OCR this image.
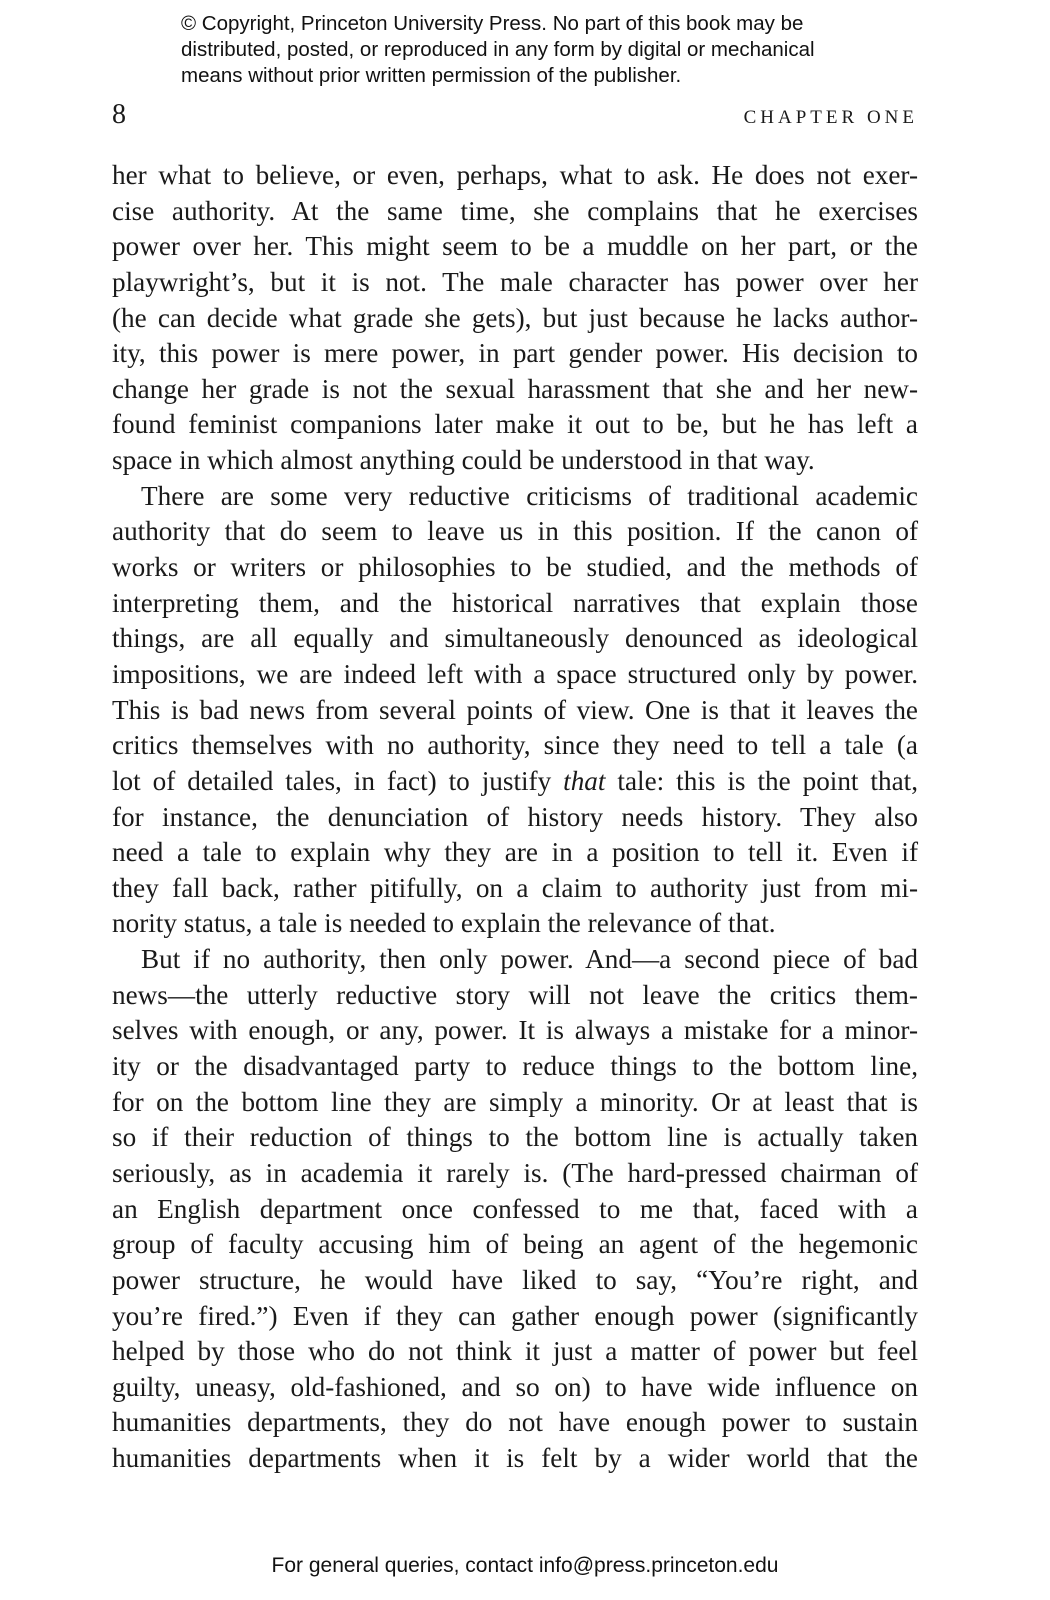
© Copyright, Princeton University Press. No part of this book may be
distributed, posted, or reproduced in any form by digital or mechanical
means without prior written permission of the publisher.
8	CHAPTER ONE
her what to believe, or even, perhaps, what to ask. He does not exer-
cise authority. At the same time, she complains that he exercises
power over her. This might seem to be a muddle on her part, or the
playwright’s, but it is not. The male character has power over her
(he can decide what grade she gets), but just because he lacks author-
ity, this power is mere power, in part gender power. His decision to
change her grade is not the sexual harassment that she and her new-
found feminist companions later make it out to be, but he has left a
space in which almost anything could be understood in that way.
There are some very reductive criticisms of traditional academic
authority that do seem to leave us in this position. If the canon of
works or writers or philosophies to be studied, and the methods of
interpreting them, and the historical narratives that explain those
things, are all equally and simultaneously denounced as ideological
impositions, we are indeed left with a space structured only by power.
This is bad news from several points of view. One is that it leaves the
critics themselves with no authority, since they need to tell a tale (a
lot of detailed tales, in fact) to justify that tale: this is the point that,
for instance, the denunciation of history needs history. They also
need a tale to explain why they are in a position to tell it. Even if
they fall back, rather pitifully, on a claim to authority just from mi-
nority status, a tale is needed to explain the relevance of that.
But if no authority, then only power. And—a second piece of bad
news—the utterly reductive story will not leave the critics them-
selves with enough, or any, power. It is always a mistake for a minor-
ity or the disadvantaged party to reduce things to the bottom line,
for on the bottom line they are simply a minority. Or at least that is
so if their reduction of things to the bottom line is actually taken
seriously, as in academia it rarely is. (The hard-pressed chairman of
an English department once confessed to me that, faced with a
group of faculty accusing him of being an agent of the hegemonic
power structure, he would have liked to say, “You’re right, and
you’re fired.”) Even if they can gather enough power (significantly
helped by those who do not think it just a matter of power but feel
guilty, uneasy, old-fashioned, and so on) to have wide influence on
humanities departments, they do not have enough power to sustain
humanities departments when it is felt by a wider world that the
For general queries, contact info@press.princeton.edu
